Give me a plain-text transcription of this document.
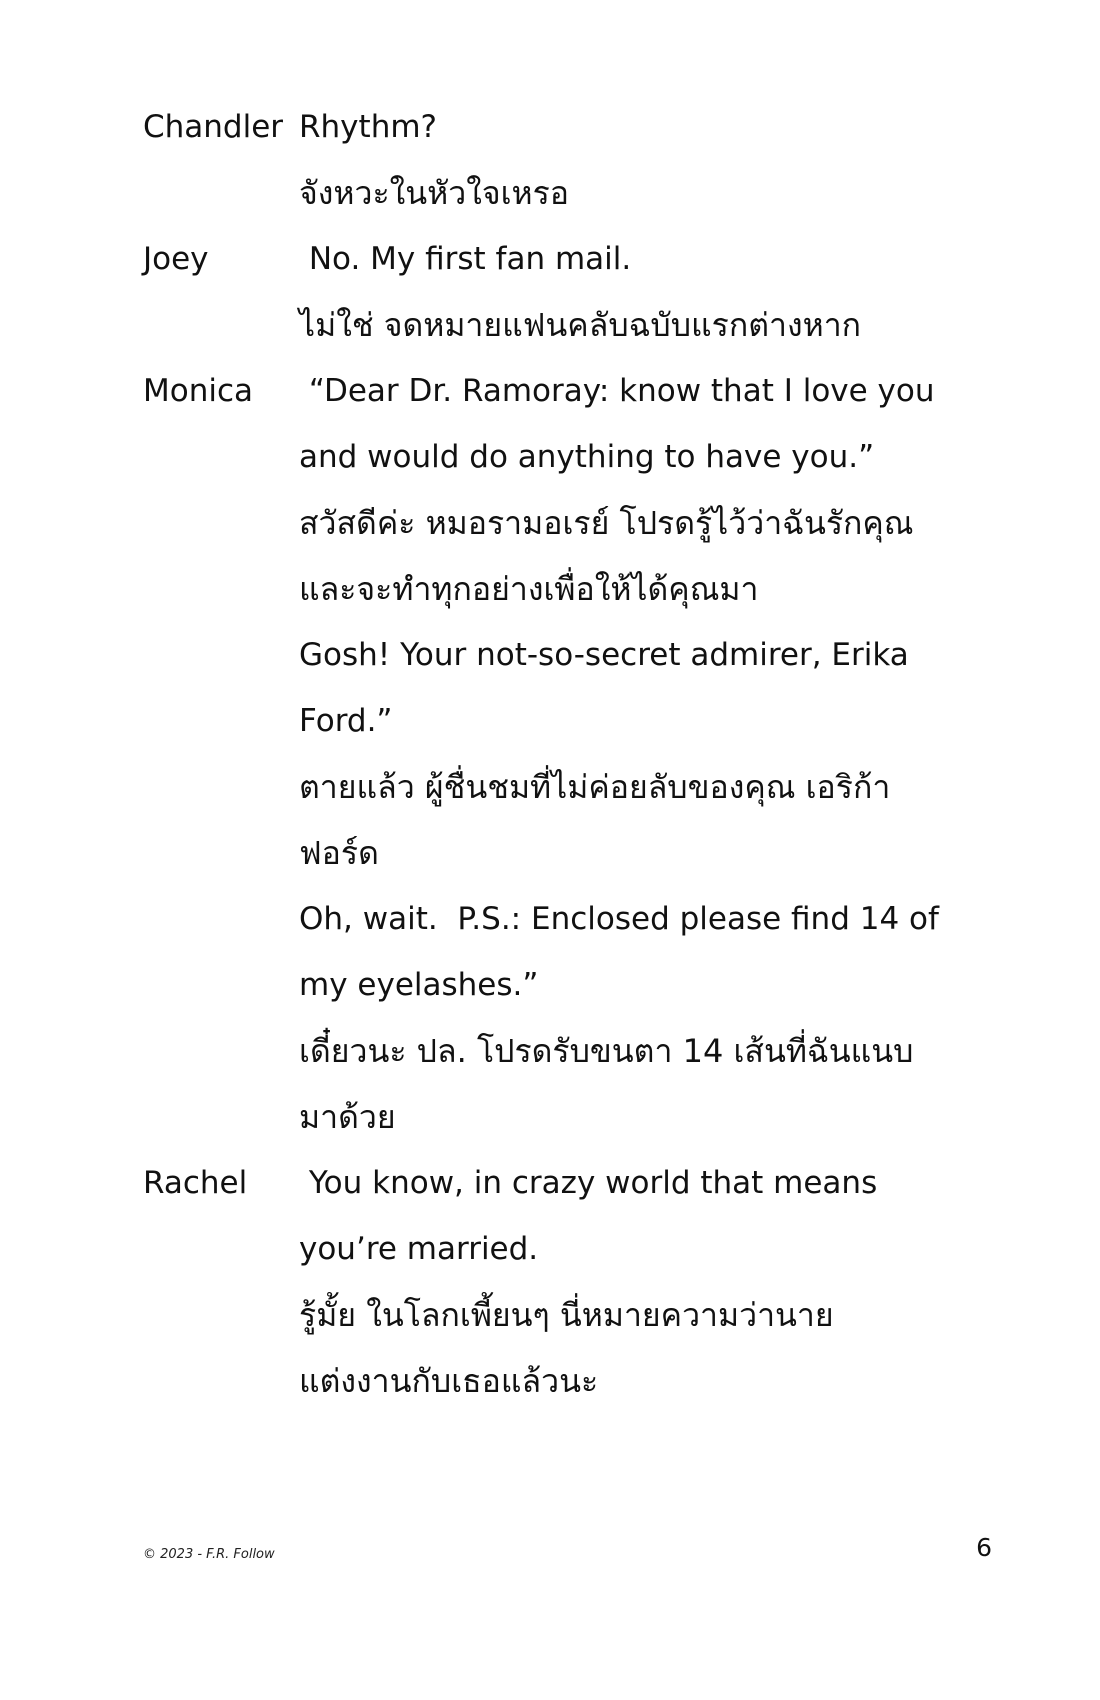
Chandler Rhythm?
จังหวะในหัวใจเหรอ
Joey	No. My first fan mail.
ไม่ใช่ จดหมายแฟนคลับฉบับแรกต่างหาก
Monica	“Dear Dr. Ramoray: know that I love you
and would do anything to have you.”
สวัสดีค่ะ หมอรามอเรย์ โปรดรู้ไว้ว่าฉันรักคุณ
และจะทำทุกอย่างเพื่อให้ได้คุณมา
Gosh! Your not-so-secret admirer, Erika
Ford.”
ตายแล้ว ผู้ชื่นชมที่ไม่ค่อยลับของคุณ เอริก้า
ฟอร์ด
Oh, wait.  P.S.: Enclosed please find 14 of
my eyelashes.”
เดี๋ยวนะ ปล. โปรดรับขนตา 14 เส้นที่ฉันแนบ
มาด้วย
Rachel	You know, in crazy world that means
you’re married.
รู้มั้ย ในโลกเพี้ยนๆ นี่หมายความว่านาย
แต่งงานกับเธอแล้วนะ
© 2023 - F.R. Follow	6
